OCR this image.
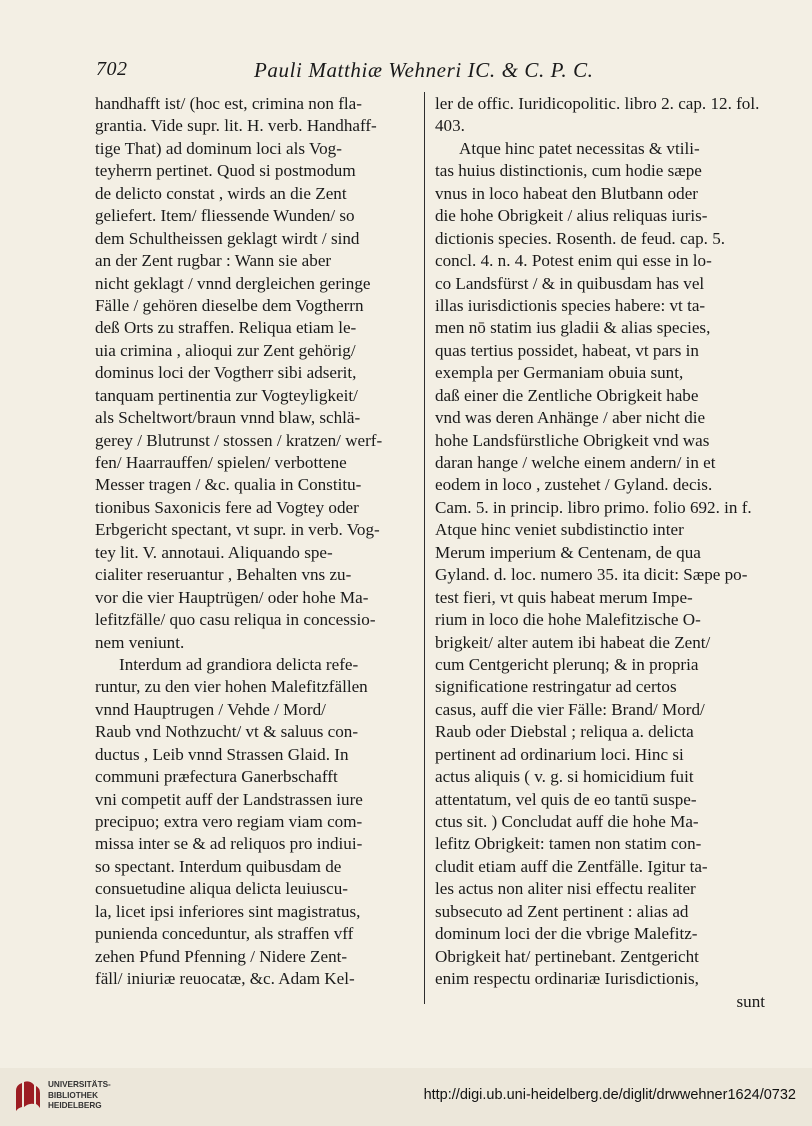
702	Pauli Matthiæ Wehneri IC. & C. P. C.
handhafft ist/ (hoc est, crimina non fla-
grantia. Vide supr. lit. H. verb. Handhaff-
tige That) ad dominum loci als Vog-
teyherrn pertinet. Quod si postmodum
de delicto constat , wirds an die Zent
geliefert. Item/ fliessende Wunden/ so
dem Schultheissen geklagt wirdt / sind
an der Zent rugbar : Wann sie aber
nicht geklagt / vnnd dergleichen geringe
Fälle / gehören dieselbe dem Vogtherrn
deß Orts zu straffen. Reliqua etiam le-
uia crimina , alioqui zur Zent gehörig/
dominus loci der Vogtherr sibi adserit,
tanquam pertinentia zur Vogteyligkeit/
als Scheltwort/braun vnnd blaw, schlä-
gerey / Blutrunst / stossen / kratzen/ werf-
fen/ Haarrauffen/ spielen/ verbottene
Messer tragen / &c. qualia in Constitu-
tionibus Saxonicis fere ad Vogtey oder
Erbgericht spectant, vt supr. in verb. Vog-
tey lit. V. annotaui. Aliquando spe-
cialiter reseruantur , Behalten vns zu-
vor die vier Hauptrügen/ oder hohe Ma-
lefitzfälle/ quo casu reliqua in concessio-
nem veniunt.
Interdum ad grandiora delicta refe-
runtur, zu den vier hohen Malefitzfällen
vnnd Hauptrugen / Vehde / Mord/
Raub vnd Nothzucht/ vt & saluus con-
ductus , Leib vnnd Strassen Glaid. In
communi præfectura Ganerbschafft
vni competit auff der Landstrassen iure
precipuo; extra vero regiam viam com-
missa inter se & ad reliquos pro indiui-
so spectant. Interdum quibusdam de
consuetudine aliqua delicta leuiuscu-
la, licet ipsi inferiores sint magistratus,
punienda conceduntur, als straffen vff
zehen Pfund Pfenning / Nidere Zent-
fäll/ iniuriæ reuocatæ, &c. Adam Kel-
ler de offic. Iuridicopolitic. libro 2. cap. 12. fol.
403.
Atque hinc patet necessitas & vtili-
tas huius distinctionis, cum hodie sæpe
vnus in loco habeat den Blutbann oder
die hohe Obrigkeit / alius reliquas iuris-
dictionis species. Rosenth. de feud. cap. 5.
concl. 4. n. 4. Potest enim qui esse in lo-
co Landsfürst / & in quibusdam has vel
illas iurisdictionis species habere: vt ta-
men nō statim ius gladii & alias species,
quas tertius possidet, habeat, vt pars in
exempla per Germaniam obuia sunt,
daß einer die Zentliche Obrigkeit habe
vnd was deren Anhänge / aber nicht die
hohe Landsfürstliche Obrigkeit vnd was
daran hange / welche einem andern/ in et
eodem in loco , zustehet / Gyland. decis.
Cam. 5. in princip. libro primo. folio 692. in f.
Atque hinc veniet subdistinctio inter
Merum imperium & Centenam, de qua
Gyland. d. loc. numero 35. ita dicit: Sæpe po-
test fieri, vt quis habeat merum Impe-
rium in loco die hohe Malefitzische O-
brigkeit/ alter autem ibi habeat die Zent/
cum Centgericht plerunq; & in propria
significatione restringatur ad certos
casus, auff die vier Fälle: Brand/ Mord/
Raub oder Diebstal ; reliqua a. delicta
pertinent ad ordinarium loci. Hinc si
actus aliquis ( v. g. si homicidium fuit
attentatum, vel quis de eo tantū suspe-
ctus sit. ) Concludat auff die hohe Ma-
lefitz Obrigkeit: tamen non statim con-
cludit etiam auff die Zentfälle. Igitur ta-
les actus non aliter nisi effectu realiter
subsecuto ad Zent pertinent : alias ad
dominum loci der die vbrige Malefitz-
Obrigkeit hat/ pertinebant. Zentgericht
enim respectu ordinariæ Iurisdictionis,
sunt
UNIVERSITÄTS-
BIBLIOTHEK
HEIDELBERG
http://digi.ub.uni-heidelberg.de/diglit/drwwehner1624/0732
